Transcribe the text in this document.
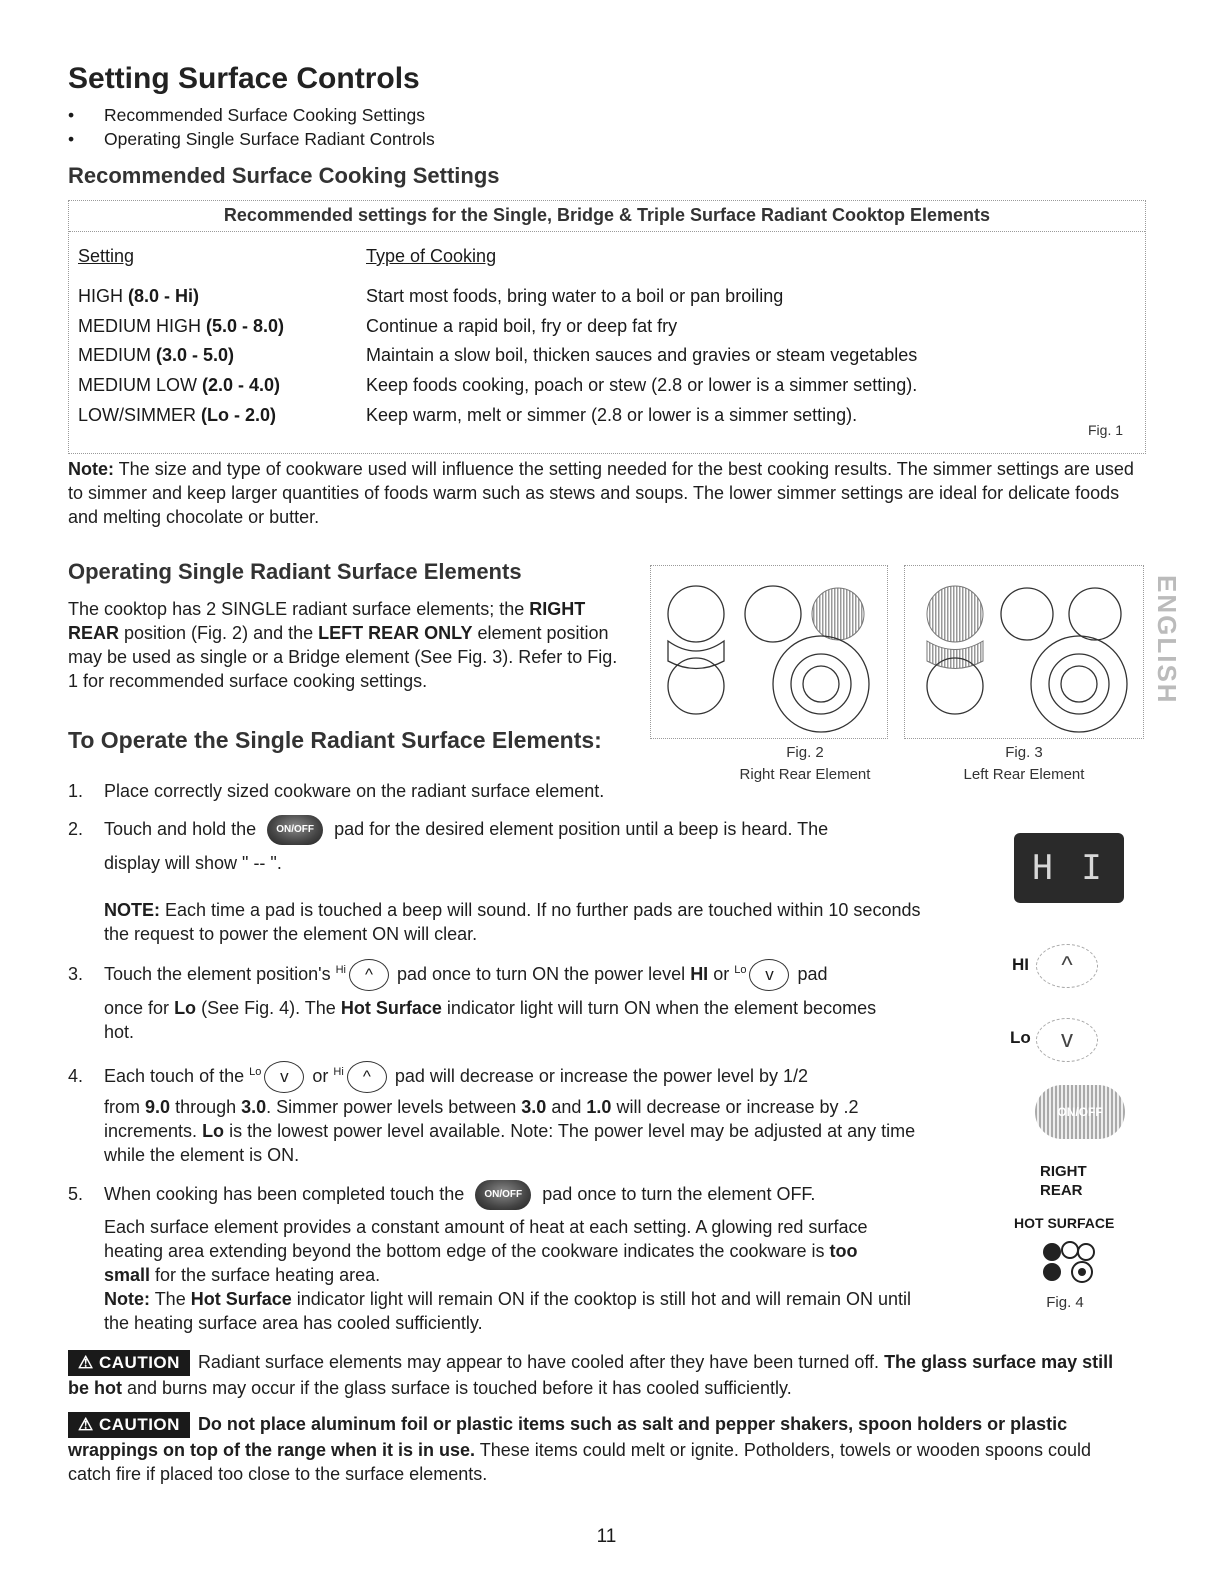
Setting Surface Controls
• Recommended Surface Cooking Settings
• Operating Single Surface Radiant Controls
Recommended Surface Cooking Settings
Recommended settings for the Single, Bridge & Triple Surface Radiant Cooktop Elements
Setting	Type of Cooking
HIGH (8.0 - Hi)	Start most foods, bring water to a boil or pan broiling
MEDIUM HIGH (5.0 - 8.0)	Continue a rapid boil, fry or deep fat fry
MEDIUM (3.0 - 5.0)	Maintain a slow boil, thicken sauces and gravies or steam vegetables
MEDIUM LOW (2.0 - 4.0)	Keep foods cooking, poach or stew (2.8 or lower is a simmer setting).
LOW/SIMMER (Lo - 2.0)	Keep warm, melt or simmer (2.8 or lower is a simmer setting).
Fig. 1
Note: The size and type of cookware used will influence the setting needed for the best cooking results. The simmer settings are used to simmer and keep larger quantities of foods warm such as stews and soups. The lower simmer settings are ideal for delicate foods and melting chocolate or butter.
Operating Single Radiant Surface Elements
The cooktop has 2 SINGLE radiant surface elements; the RIGHT REAR position (Fig. 2) and the LEFT REAR ONLY element position may be used as single or a Bridge element (See Fig. 3). Refer to Fig. 1 for recommended surface cooking settings.
Fig. 2
Right Rear Element
Fig. 3
Left Rear Element
ENGLISH
To Operate the Single Radiant Surface Elements:
1. Place correctly sized cookware on the radiant surface element.
2. Touch and hold the ON/OFF pad for the desired element position until a beep is heard. The
display will show " -- ".
NOTE: Each time a pad is touched a beep will sound. If no further pads are touched within 10 seconds the request to power the element ON will clear.
3. Touch the element position's $^{Hi}$ ^ pad once to turn ON the power level HI or $^{Lo}$ v pad
once for Lo (See Fig. 4). The Hot Surface indicator light will turn ON when the element becomes hot.
4. Each touch of the $^{Lo}$ v or $^{Hi}$ ^ pad will decrease or increase the power level by 1/2
from 9.0 through 3.0. Simmer power levels between 3.0 and 1.0 will decrease or increase by .2 increments. Lo is the lowest power level available. Note: The power level may be adjusted at any time while the element is ON.
5. When cooking has been completed touch the ON/OFF pad once to turn the element OFF.
Each surface element provides a constant amount of heat at each setting. A glowing red surface heating area extending beyond the bottom edge of the cookware indicates the cookware is too small for the surface heating area.
Note: The Hot Surface indicator light will remain ON if the cooktop is still hot and will remain ON until the heating surface area has cooled sufficiently.
H I
HI	^
Lo	v
ON/OFF
RIGHT
REAR
HOT SURFACE
Fig. 4
⚠ CAUTION Radiant surface elements may appear to have cooled after they have been turned off. The glass surface may still be hot and burns may occur if the glass surface is touched before it has cooled sufficiently.
⚠ CAUTION Do not place aluminum foil or plastic items such as salt and pepper shakers, spoon holders or plastic wrappings on top of the range when it is in use. These items could melt or ignite. Potholders, towels or wooden spoons could catch fire if placed too close to the surface elements.
11
